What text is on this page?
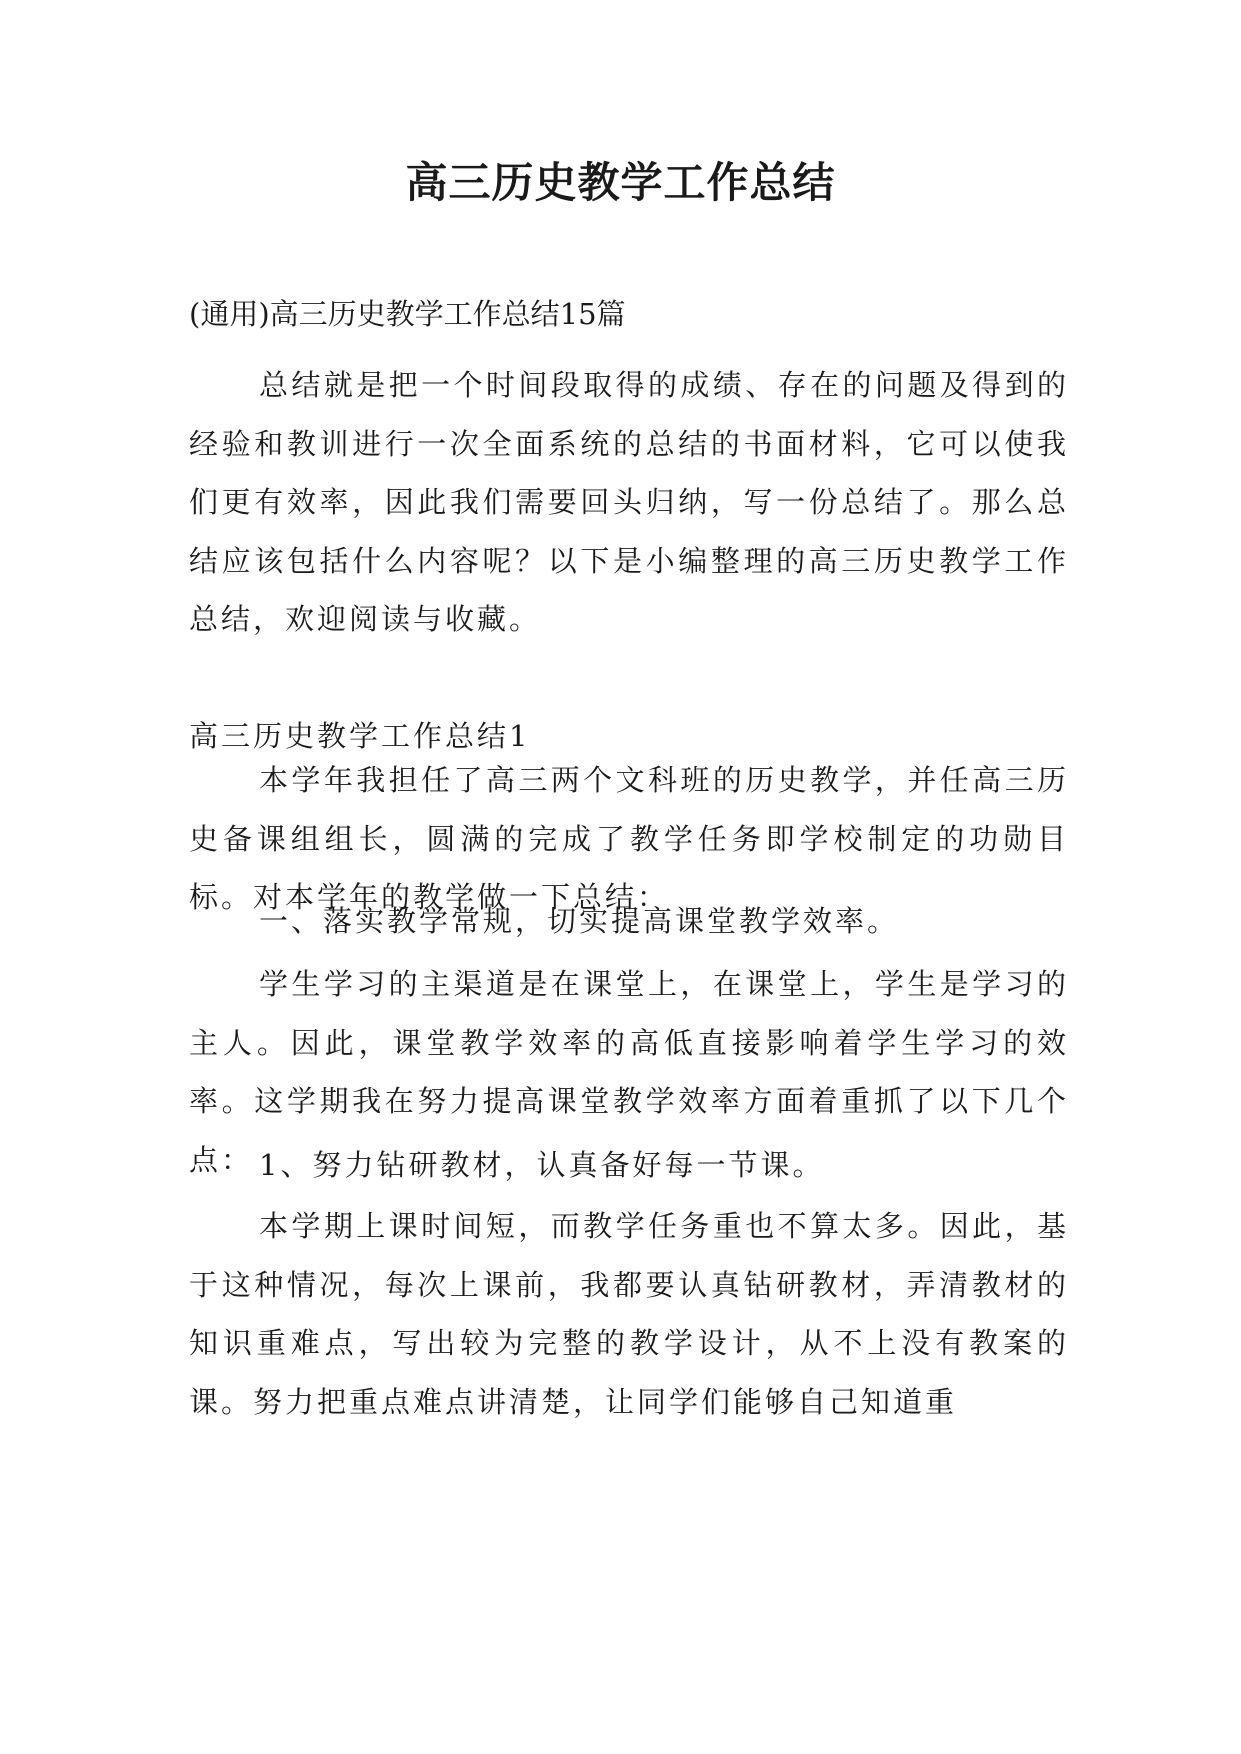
高三历史教学工作总结
(通用)高三历史教学工作总结15篇

总结就是把一个时间段取得的成绩、存在的问题及得到的经验和教训进行一次全面系统的总结的书面材料，它可以使我们更有效率，因此我们需要回头归纳，写一份总结了。那么总结应该包括什么内容呢？以下是小编整理的高三历史教学工作总结，欢迎阅读与收藏。

高三历史教学工作总结1

本学年我担任了高三两个文科班的历史教学，并任高三历史备课组组长，圆满的完成了教学任务即学校制定的功勋目标。对本学年的教学做一下总结：

一、落实教学常规，切实提高课堂教学效率。

学生学习的主渠道是在课堂上，在课堂上，学生是学习的主人。因此，课堂教学效率的高低直接影响着学生学习的效率。这学期我在努力提高课堂教学效率方面着重抓了以下几个点： 1、努力钻研教材，认真备好每一节课。

本学期上课时间短，而教学任务重也不算太多。因此，基于这种情况，每次上课前，我都要认真钻研教材，弄清教材的知识重难点，写出较为完整的教学设计，从不上没有教案的课。努力把重点难点讲清楚，让同学们能够自己知道重
